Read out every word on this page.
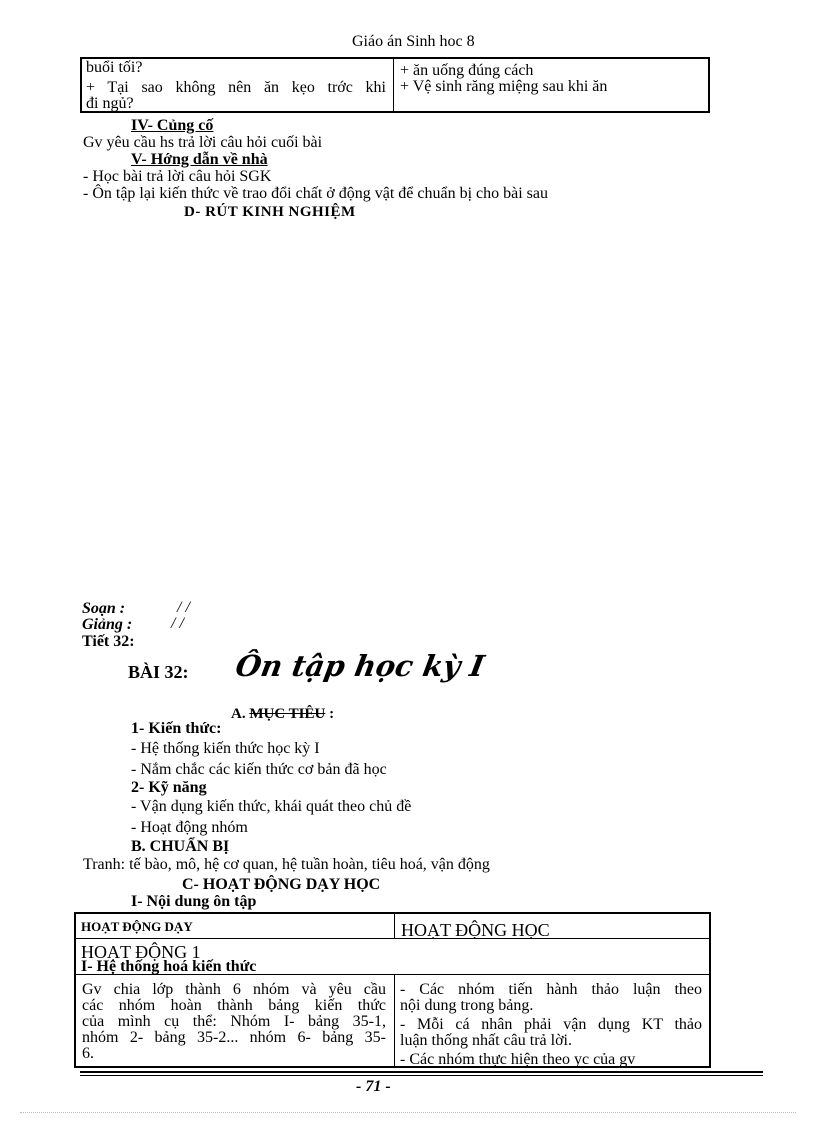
Giáo án Sinh hoc 8
buổi tối?
+ Tại sao không nên ăn kẹo trớc khi
đi ngủ?
+ ăn uống đúng cách
+ Vệ sinh răng miệng sau khi ăn
IV- Củng cố
Gv yêu cầu hs trả lời câu hỏi cuối bài
V- Hớng dẫn về nhà
- Học bài trả lời câu hỏi SGK
- Ôn tập lại kiến thức về trao đổi chất ở động vật để chuẩn bị cho bài sau
D- RÚT KINH NGHIỆM
Soạn :	/ /
Giảng : / /
Tiết 32:
BÀI 32: Ôn tập học kỳ I
A. MỤC TIÊU :
1- Kiến thức:
- Hệ thống kiến thức học kỳ I
- Nắm chắc các kiến thức cơ bản đã học
2- Kỹ năng
- Vận dụng kiến thức, khái quát theo chủ đề
- Hoạt động nhóm
B. CHUẨN BỊ
Tranh: tế bào, mô, hệ cơ quan, hệ tuần hoàn, tiêu hoá, vận động
C- HOẠT ĐỘNG DẠY HỌC
I- Nội dung ôn tập
HOẠT ĐỘNG DẠY	HOẠT ĐỘNG HỌC
HOẠT ĐỘNG 1
I- Hệ thống hoá kiến thức
Gv chia lớp thành 6 nhóm và yêu cầu
các nhóm hoàn thành bảng kiến thức
của mình cụ thể: Nhóm I- bảng 35-1,
nhóm 2- bảng 35-2... nhóm 6- bảng 35-
6.
- Các nhóm tiến hành thảo luận theo
nội dung trong bảng.
- Mỗi cá nhân phải vận dụng KT thảo
luận thống nhất câu trả lời.
- Các nhóm thực hiện theo yc của gv
- 71 -
